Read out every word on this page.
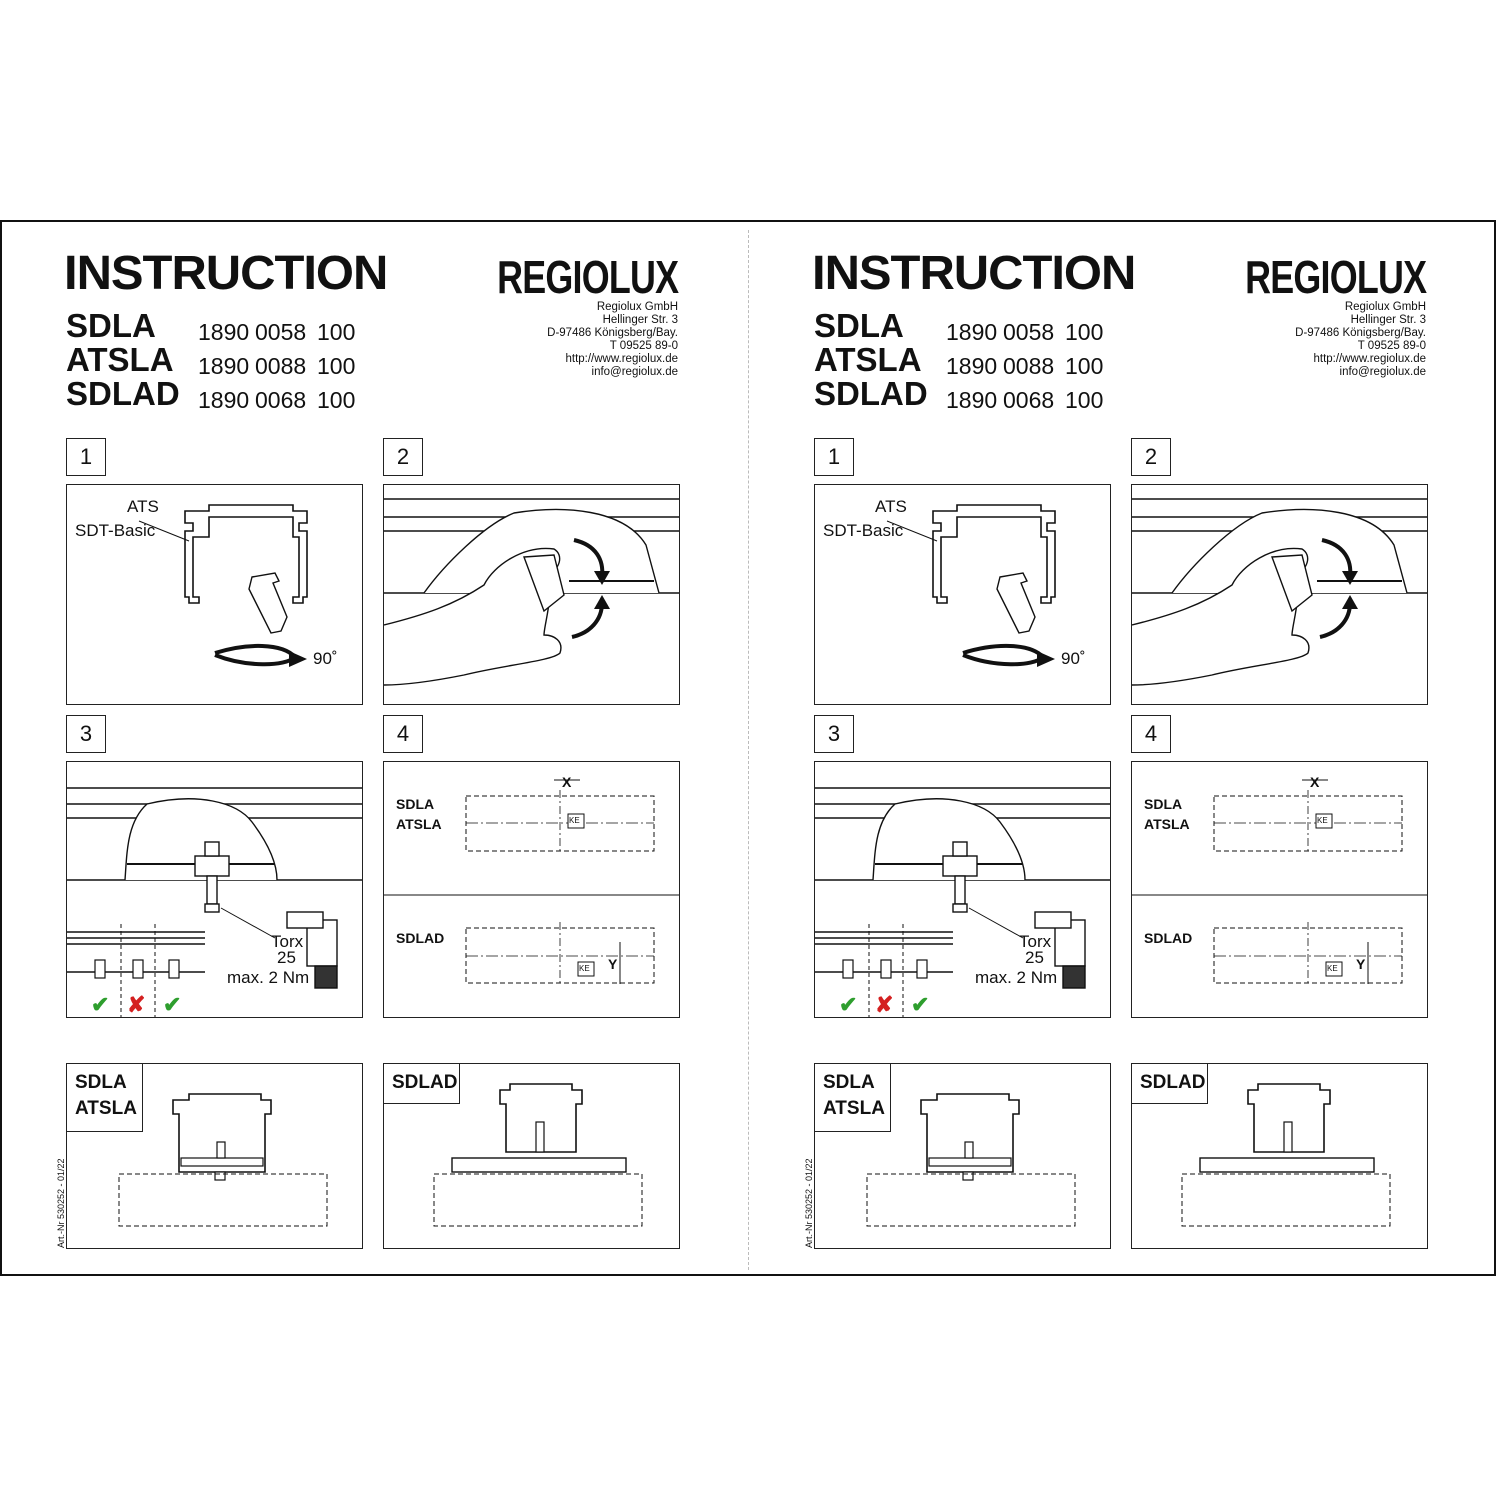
INSTRUCTION
SDLA 1890 0058 100
ATSLA 1890 0088 100
SDLAD 1890 0068 100
REGIOLUX
Regiolux GmbH
Hellinger Str. 3
D-97486 Königsberg/Bay.
T 09525 89-0
http://www.regiolux.de
info@regiolux.de
1	2
3	4
ATS
SDT-Basic
90˚
Torx
25
max. 2 Nm
✔ ✘ ✔
SDLA
ATSLA
SDLAD
X
Y
KE
KE
SDLA
ATSLA
SDLAD
Art.-Nr 530252 - 01/22
INSTRUCTION
SDLA 1890 0058 100
ATSLA 1890 0088 100
SDLAD 1890 0068 100
REGIOLUX
Regiolux GmbH
Hellinger Str. 3
D-97486 Königsberg/Bay.
T 09525 89-0
http://www.regiolux.de
info@regiolux.de
1	2
3	4
ATS
SDT-Basic
90˚
Torx
25
max. 2 Nm
✔ ✘ ✔
SDLA
ATSLA
SDLAD
X
Y
KE
KE
SDLA
ATSLA
SDLAD
Art.-Nr 530252 - 01/22
